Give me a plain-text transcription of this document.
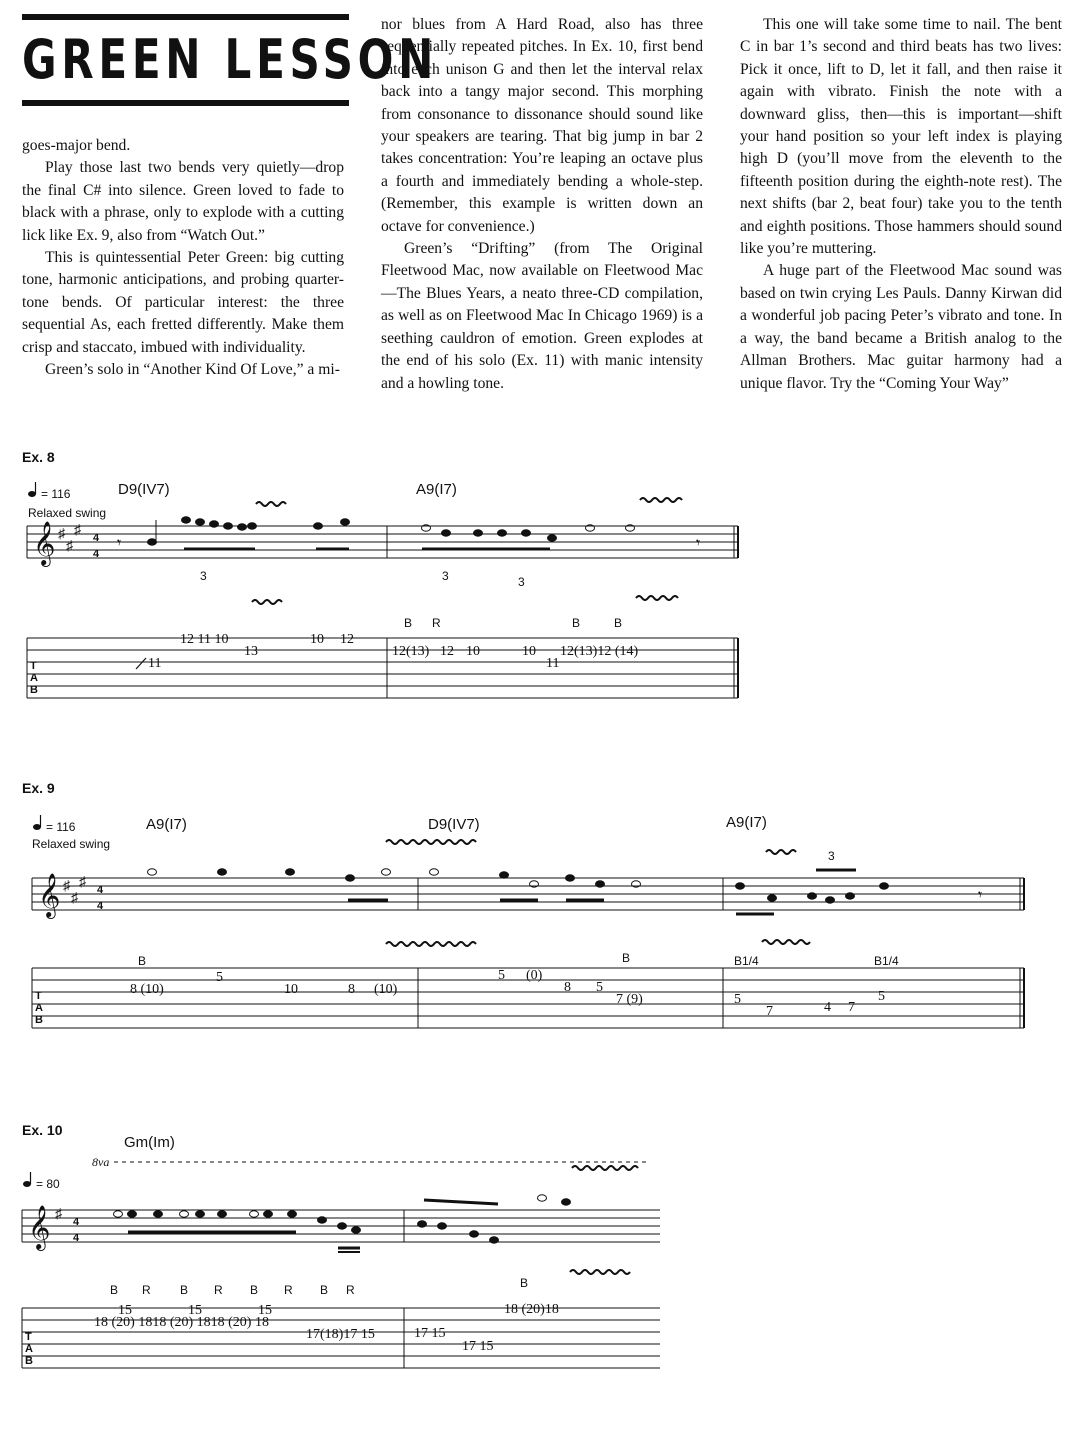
GREEN LESSON

goes-major bend.

Play those last two bends very quietly—drop the final C# into silence. Green loved to fade to black with a phrase, only to explode with a cutting lick like Ex. 9, also from “Watch Out.”

This is quintessential Peter Green: big cutting tone, harmonic anticipations, and probing quarter-tone bends. Of particular interest: the three sequential As, each fretted differently. Make them crisp and staccato, imbued with individuality.

Green’s solo in “Another Kind Of Love,” a mi-

nor blues from A Hard Road, also has three sequentially repeated pitches. In Ex. 10, first bend into each unison G and then let the interval relax back into a tangy major second. This morphing from consonance to dissonance should sound like your speakers are tearing. That big jump in bar 2 takes concentration: You’re leaping an octave plus a fourth and immediately bending a whole-step. (Remember, this example is written down an octave for convenience.)

Green’s “Drifting” (from The Original Fleetwood Mac, now available on Fleetwood Mac—The Blues Years, a neato three-CD compilation, as well as on Fleetwood Mac In Chicago 1969) is a seething cauldron of emotion. Green explodes at the end of his solo (Ex. 11) with manic intensity and a howling tone.

This one will take some time to nail. The bent C in bar 1’s second and third beats has two lives: Pick it once, lift to D, let it fall, and then raise it again with vibrato. Finish the note with a downward gliss, then—this is important—shift your hand position so your left index is playing high D (you’ll move from the eleventh to the fifteenth position during the eighth-note rest). The next shifts (bar 2, beat four) take you to the tenth and eighth positions. Those hammers should sound like you’re muttering.

A huge part of the Fleetwood Mac sound was based on twin crying Les Pauls. Danny Kirwan did a wonderful job pacing Peter’s vibrato and tone. In a way, the band became a British analog to the Allman Brothers. Mac guitar harmony had a unique flavor. Try the “Coming Your Way”

Ex. 8
= 116
Relaxed swing
D9(IV7)	A9(I7)
𝄞 ♯
♯
♯
4
4
𝄾	𝄾
3	3	3
T
A
B
B R	B	B
12 11 10
13
10 12
11
12(13) 12 10	10
11
12(13)12 (14)
Ex. 9
= 116
Relaxed swing
A9(I7)	D9(IV7)	A9(I7)
𝄞 ♯
♯
♯
4
4
𝄾
3
T
A
B
B	B	B1/4	B1/4
8 (10)
5
10	8 (10)
5 (0)
8 5
7 (9)	5
7	4 7
5
Ex. 10
Gm(Im)
8va
= 80
𝄞 ♯
4
4
T
A
B
B R B R B R B R	B
15	15	15
18 (20) 1818 (20) 1818 (20) 18
17(18)17 15	17 15
17 15
18 (20)18
